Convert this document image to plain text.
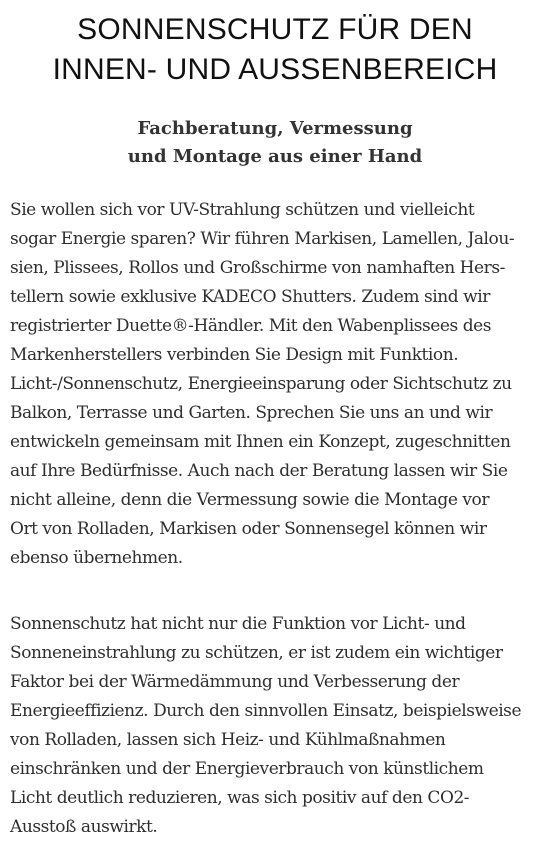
SONNENSCHUTZ FÜR DEN
INNEN- UND AUSSENBEREICH
Fachberatung, Vermessung
und Montage aus einer Hand

Sie wollen sich vor UV-Strahlung schützen und vielleicht
sogar Energie sparen? Wir führen Markisen, Lamellen, Jalou-
sien, Plissees, Rollos und Großschirme von namhaften Hers-
tellern sowie exklusive KADECO Shutters. Zudem sind wir
registrierter Duette®-Händler. Mit den Wabenplissees des
Markenherstellers verbinden Sie Design mit Funktion.
Licht-/Sonnenschutz, Energieeinsparung oder Sichtschutz zu
Balkon, Terrasse und Garten. Sprechen Sie uns an und wir
entwickeln gemeinsam mit Ihnen ein Konzept, zugeschnitten
auf Ihre Bedürfnisse. Auch nach der Beratung lassen wir Sie
nicht alleine, denn die Vermessung sowie die Montage vor
Ort von Rolladen, Markisen oder Sonnensegel können wir
ebenso übernehmen.

Sonnenschutz hat nicht nur die Funktion vor Licht- und
Sonneneinstrahlung zu schützen, er ist zudem ein wichtiger
Faktor bei der Wärmedämmung und Verbesserung der
Energieeffizienz. Durch den sinnvollen Einsatz, beispielsweise
von Rolladen, lassen sich Heiz- und Kühlmaßnahmen
einschränken und der Energieverbrauch von künstlichem
Licht deutlich reduzieren, was sich positiv auf den CO2-
Ausstoß auswirkt.
